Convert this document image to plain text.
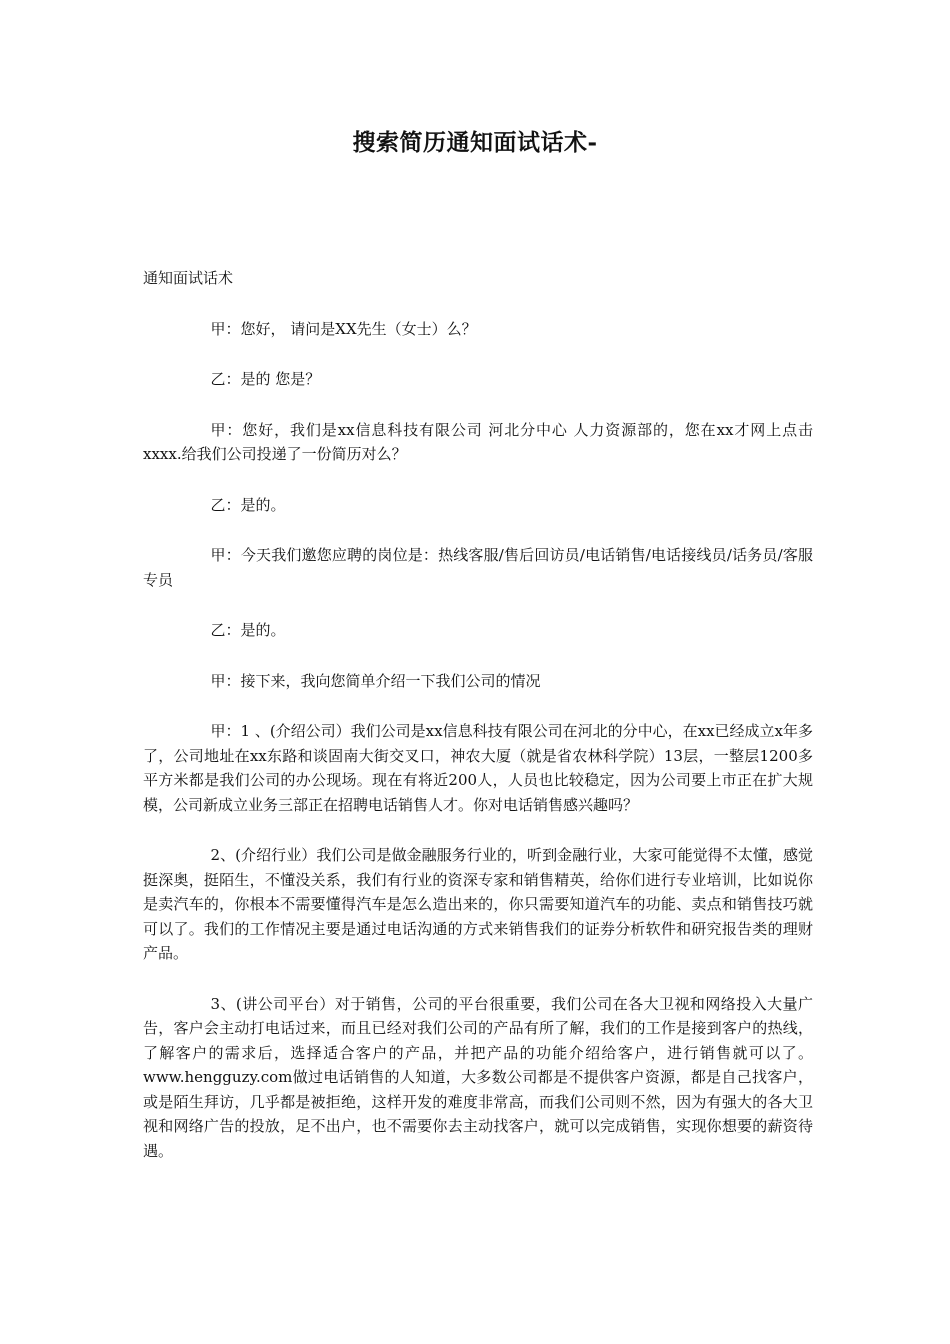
搜索简历通知面试话术-

通知面试话术

甲：您好， 请问是XX先生（女士）么？

乙：是的 您是？

甲：您好，我们是xx信息科技有限公司 河北分中心 人力资源部的，您在xx才网上点击xxxx.给我们公司投递了一份简历对么？

乙：是的。

甲：今天我们邀您应聘的岗位是：热线客服/售后回访员/电话销售/电话接线员/话务员/客服专员

乙：是的。

甲：接下来，我向您简单介绍一下我们公司的情况

甲：1 、(介绍公司）我们公司是xx信息科技有限公司在河北的分中心，在xx已经成立x年多了，公司地址在xx东路和谈固南大街交叉口，神农大厦（就是省农林科学院）13层，一整层1200多平方米都是我们公司的办公现场。现在有将近200人，人员也比较稳定，因为公司要上市正在扩大规模，公司新成立业务三部正在招聘电话销售人才。你对电话销售感兴趣吗？

2、(介绍行业）我们公司是做金融服务行业的，听到金融行业，大家可能觉得不太懂，感觉挺深奥，挺陌生，不懂没关系，我们有行业的资深专家和销售精英，给你们进行专业培训，比如说你是卖汽车的，你根本不需要懂得汽车是怎么造出来的，你只需要知道汽车的功能、卖点和销售技巧就可以了。我们的工作情况主要是通过电话沟通的方式来销售我们的证券分析软件和研究报告类的理财产品。

3、(讲公司平台）对于销售，公司的平台很重要，我们公司在各大卫视和网络投入大量广告，客户会主动打电话过来，而且已经对我们公司的产品有所了解，我们的工作是接到客户的热线，了解客户的需求后，选择适合客户的产品，并把产品的功能介绍给客户，进行销售就可以了。www.hengguzy.com做过电话销售的人知道，大多数公司都是不提供客户资源，都是自己找客户，或是陌生拜访，几乎都是被拒绝，这样开发的难度非常高，而我们公司则不然，因为有强大的各大卫视和网络广告的投放，足不出户，也不需要你去主动找客户，就可以完成销售，实现你想要的薪资待遇。
